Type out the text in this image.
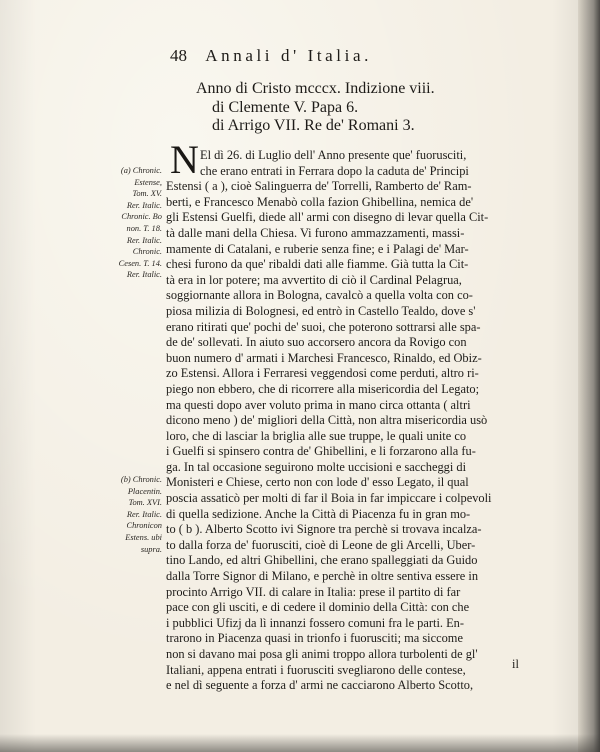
48 Annali d' Italia.
Anno di Cristo mcccx. Indizione viii.
di Clemente V. Papa 6.
di Arrigo VII. Re de' Romani 3.
(a) Chronic.
Estense,
Tom. XV.
Rer. Italic.
Chronic. Bo
non. T. 18.
Rer. Italic.
Chronic.
Cesen. T. 14.
Rer. Italic.
(b) Chronic.
Placentin.
Tom. XVI.
Rer. Italic.
Chronicon
Estens. ubi
supra.
N El dì 26. di Luglio dell' Anno presente que' fuorusciti,
che erano entrati in Ferrara dopo la caduta de' Principi
Estensi ( a ), cioè Salinguerra de' Torrelli, Ramberto de' Ram-
berti, e Francesco Menabò colla fazion Ghibellina, nemica de'
gli Estensi Guelfi, diede all' armi con disegno di levar quella Cit-
tà dalle mani della Chiesa. Vi furono ammazzamenti, massi-
mamente di Catalani, e ruberie senza fine; e i Palagi de' Mar-
chesi furono da que' ribaldi dati alle fiamme. Già tutta la Cit-
tà era in lor potere; ma avvertito di ciò il Cardinal Pelagrua,
soggiornante allora in Bologna, cavalcò a quella volta con co-
piosa milizia di Bolognesi, ed entrò in Castello Tealdo, dove s'
erano ritirati que' pochi de' suoi, che poterono sottrarsi alle spa-
de de' sollevati. In aiuto suo accorsero ancora da Rovigo con
buon numero d' armati i Marchesi Francesco, Rinaldo, ed Obiz-
zo Estensi. Allora i Ferraresi veggendosi come perduti, altro ri-
piego non ebbero, che di ricorrere alla misericordia del Legato;
ma questi dopo aver voluto prima in mano circa ottanta ( altri
dicono meno ) de' migliori della Città, non altra misericordia usò
loro, che di lasciar la briglia alle sue truppe, le quali unite co
i Guelfi si spinsero contra de' Ghibellini, e li forzarono alla fu-
ga. In tal occasione seguirono molte uccisioni e saccheggi di
Monisteri e Chiese, certo non con lode d' esso Legato, il qual
poscia assaticò per molti di far il Boia in far impiccare i colpevoli
di quella sedizione. Anche la Città di Piacenza fu in gran mo-
to ( b ). Alberto Scotto ivi Signore tra perchè si trovava incalza-
to dalla forza de' fuorusciti, cioè di Leone de gli Arcelli, Uber-
tino Lando, ed altri Ghibellini, che erano spalleggiati da Guido
dalla Torre Signor di Milano, e perchè in oltre sentiva essere in
procinto Arrigo VII. di calare in Italia: prese il partito di far
pace con gli usciti, e di cedere il dominio della Città: con che
i pubblici Ufizj da lì innanzi fossero comuni fra le parti. En-
trarono in Piacenza quasi in trionfo i fuorusciti; ma siccome
non si davano mai posa gli animi troppo allora turbolenti de gl'
Italiani, appena entrati i fuorusciti svegliarono delle contese,
e nel dì seguente a forza d' armi ne cacciarono Alberto Scotto,
il
